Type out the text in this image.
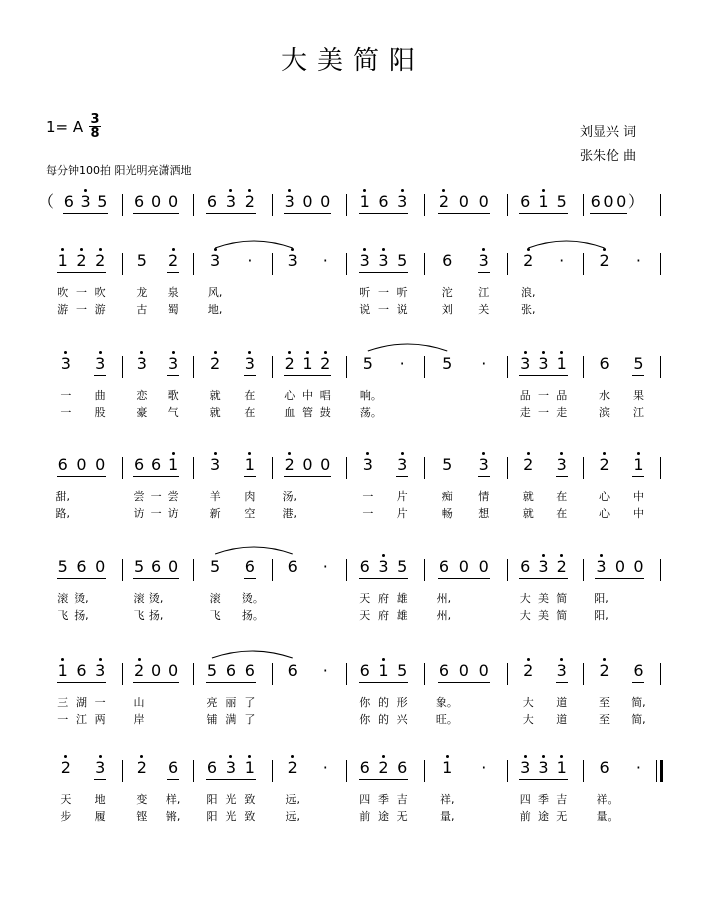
大美简阳
1= A 3
8	刘显兴 词
张朱伦 曲
每分钟100拍 阳光明亮潇洒地
（	）
6 3 5 6 0 0 6 3 2 3 0 0 1 6 3 2 0 0 6 1 5 6 0 0
1 2 2
吹 一 吹
游 一 游
5 2
龙 泉
古 蜀
3 ·
风,
地,
3 · 3 3 5
听 一 听
说 一 说
6 3
沱 江
刘 关
2 ·
浪,
张,
2 ·
3 3
一 曲
一 股
3 3
恋 歌
豪 气
2 3
就 在
就 在
2 1 2
心 中 唱
血 管 鼓
5 ·
响。
荡。
5 · 3 3 1
品 一 品
走 一 走
6 5
水 果
滨 江
6 0 0
甜,
路,
6 6 1
尝 一 尝
访 一 访
3 1
羊 肉
新 空
2 0 0
汤,
港,
3 3
一 片
一 片
5 3
痴 情
畅 想
2 3
就 在
就 在
2 1
心 中
心 中
5 6 0
滚 烫,
飞 扬,
5 6 0
滚 烫,
飞 扬,
5 6
滚 烫。
飞 扬。
6 · 6 3 5
天 府 雄
天 府 雄
6 0 0
州,
州,
6 3 2
大 美 简
大 美 简
3 0 0
阳,
阳,
1 6 3
三 湖 一
一 江 两
2 0 0
山
岸
5 6 6
亮 丽 了
铺 满 了
6 · 6 1 5
你 的 形
你 的 兴
6 0 0
象。
旺。
2 3
大 道
大 道
2 6
至 简,
至 简,
2 3
天 地
步 履
2 6
变 样,
铿 锵,
6 3 1
阳 光 致
阳 光 致
2 ·
远,
远,
6 2 6
四 季 吉
前 途 无
1 ·
祥,
量,
3 3 1
四 季 吉
前 途 无
6 ·
祥。
量。
